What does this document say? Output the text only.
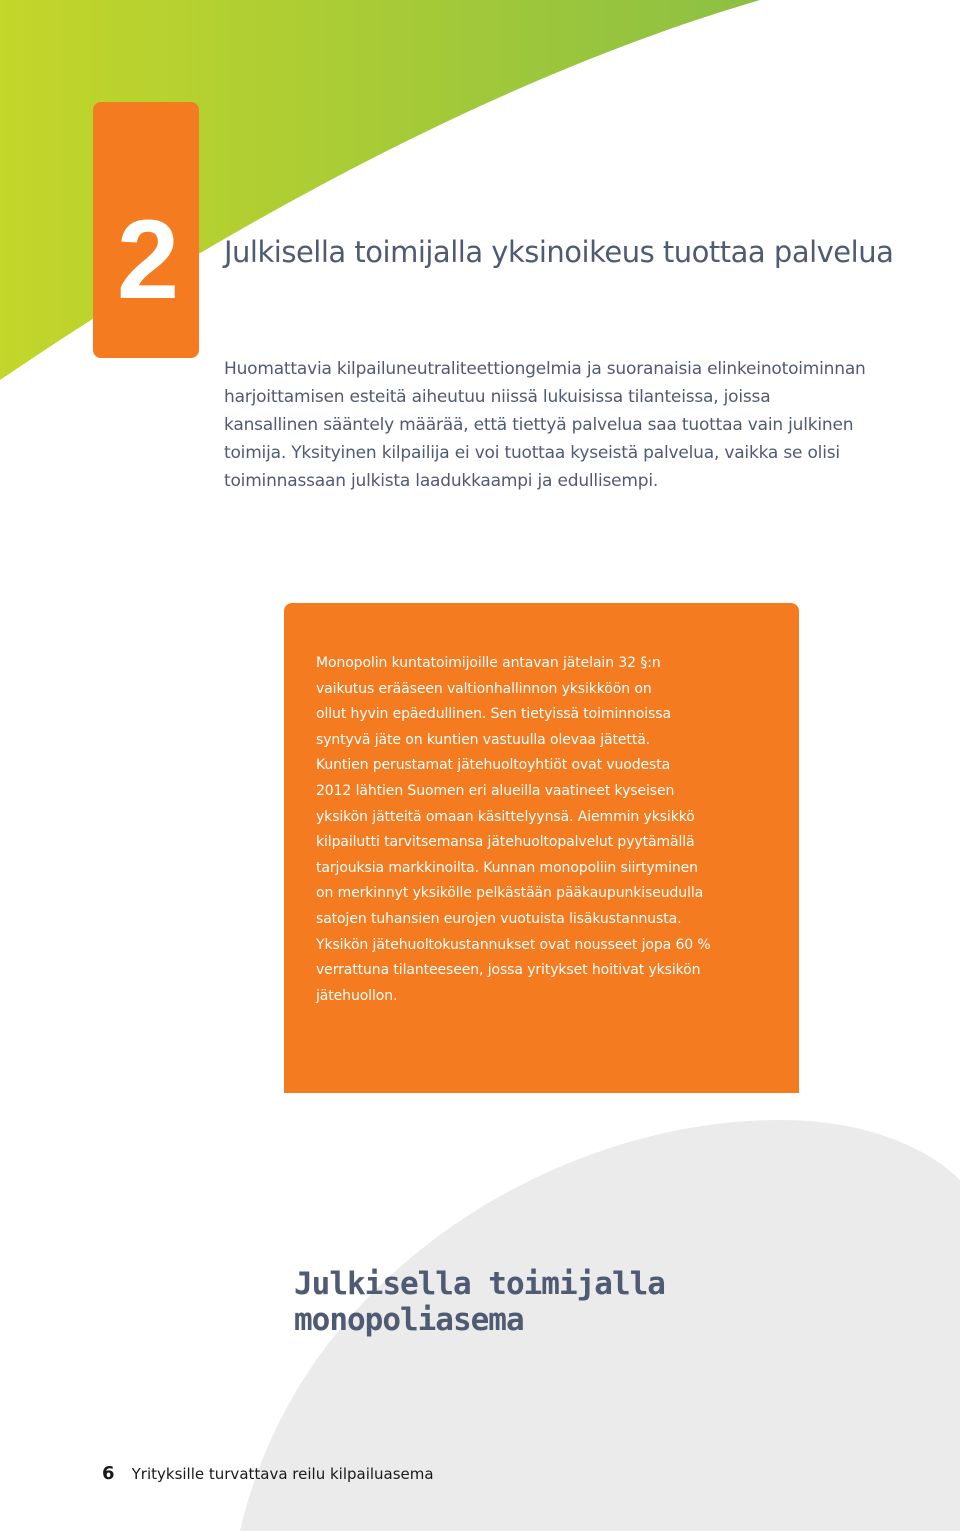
2	Julkisella toimijalla yksinoikeus tuottaa palvelua

Huomattavia kilpailuneutraliteettiongelmia ja suoranaisia elinkeinotoiminnan
harjoittamisen esteitä aiheutuu niissä lukuisissa tilanteissa, joissa
kansallinen sääntely määrää, että tiettyä palvelua saa tuottaa vain julkinen
toimija. Yksityinen kilpailija ei voi tuottaa kyseistä palvelua, vaikka se olisi
toiminnassaan julkista laadukkaampi ja edullisempi.

Monopolin kuntatoimijoille antavan jätelain 32 §:n
vaikutus erääseen valtionhallinnon yksikköön on
ollut hyvin epäedullinen. Sen tietyissä toiminnoissa
syntyvä jäte on kuntien vastuulla olevaa jätettä.
Kuntien perustamat jätehuoltoyhtiöt ovat vuodesta
2012 lähtien Suomen eri alueilla vaatineet kyseisen
yksikön jätteitä omaan käsittelyynsä. Aiemmin yksikkö
kilpailutti tarvitsemansa jätehuoltopalvelut pyytämällä
tarjouksia markkinoilta. Kunnan monopoliin siirtyminen
on merkinnyt yksikölle pelkästään pääkaupunkiseudulla
satojen tuhansien eurojen vuotuista lisäkustannusta.
Yksikön jätehuoltokustannukset ovat nousseet jopa 60 %
verrattuna tilanteeseen, jossa yritykset hoitivat yksikön
jätehuollon.

Julkisella toimijalla
monopoliasema
6 Yrityksille turvattava reilu kilpailuasema
